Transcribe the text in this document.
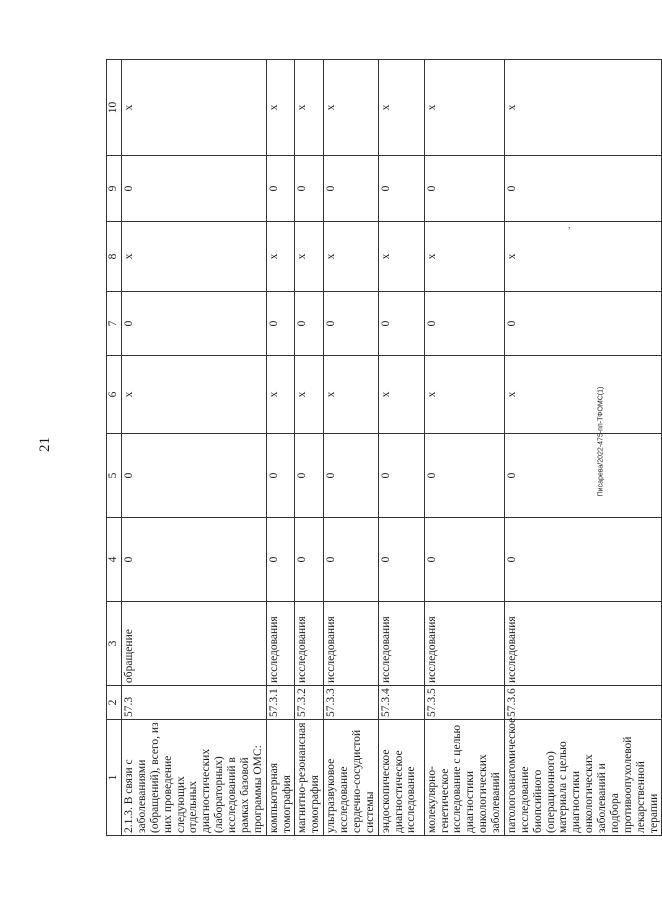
21	Писарева/2022-475-пп-ТФОМС(1)
,
1	2	3	4	5	6	7	8	9	10
2.1.3. В связи с заболеваниями (обращений), всего, из них проведение следующих отдельных диагностических (лабораторных) исследований в рамках базовой программы ОМС:	57.3	обращение	0	0	х	0	х	0	х
компьютерная томография	57.3.1	исследования	0	0	х	0	х	0	х
магнитно-резонансная томография	57.3.2	исследования	0	0	х	0	х	0	х
ультразвуковое исследование сердечно-сосудистой системы	57.3.3	исследования	0	0	х	0	х	0	х
эндоскопическое диагностическое исследование	57.3.4	исследования	0	0	х	0	х	0	х
молекулярно-генетическое исследование с целью диагностики онкологических заболеваний	57.3.5	исследования	0	0	х	0	х	0	х
патологоанатомическое исследование биопсийного (операционного) материала с целью диагностики онкологических заболеваний и подбора противоопухолевой лекарственной терапии	57.3.6	исследования	0	0	х	0	х	0	х
